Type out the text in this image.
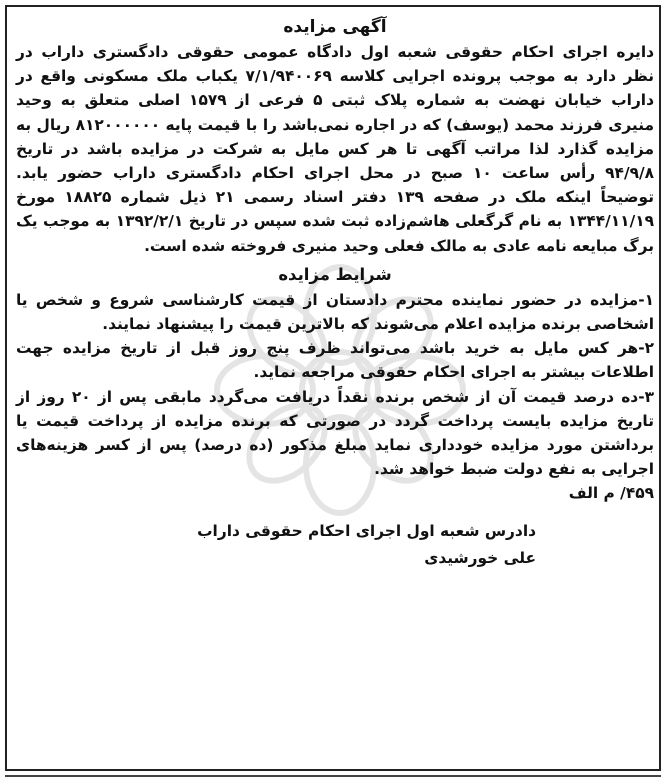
آگهی مزایده

دایره اجرای احکام حقوقی شعبه اول دادگاه عمومی حقوقی دادگستری داراب در نظر دارد به موجب پرونده اجرایی کلاسه ۷/۱/۹۴۰۰۶۹ یکباب ملک مسکونی واقع در داراب خیابان نهضت به شماره پلاک ثبتی ۵ فرعی از ۱۵۷۹ اصلی متعلق به وحید منیری فرزند محمد (یوسف) که در اجاره نمی‌باشد را با قیمت پایه ۸۱۲۰۰۰۰۰۰ ریال به مزایده گذارد لذا مراتب آگهی تا هر کس مایل به شرکت در مزایده باشد در تاریخ ۹۴/۹/۸ رأس ساعت ۱۰ صبح در محل اجرای احکام دادگستری داراب حضور یابد. توضیحاً اینکه ملک در صفحه ۱۳۹ دفتر اسناد رسمی ۲۱ ذیل شماره ۱۸۸۲۵ مورخ ۱۳۴۴/۱۱/۱۹ به نام گرگعلی هاشم‌زاده ثبت شده سپس در تاریخ ۱۳۹۲/۲/۱ به موجب یک برگ مبایعه نامه عادی به مالک فعلی وحید منیری فروخته شده است.

شرایط مزایده

۱-مزایده در حضور نماینده محترم دادستان از قیمت کارشناسی شروع و شخص یا اشخاصی برنده مزایده اعلام می‌شوند که بالاترین قیمت را پیشنهاد نمایند.

۲-هر کس مایل به خرید باشد می‌تواند ظرف پنج روز قبل از تاریخ مزایده جهت اطلاعات بیشتر به اجرای احکام حقوقی مراجعه نماید.

۳-ده درصد قیمت آن از شخص برنده نقداً دریافت می‌گردد مابقی پس از ۲۰ روز از تاریخ مزایده بایست پرداخت گردد در صورتی که برنده مزایده از پرداخت قیمت یا برداشتن مورد مزایده خودداری نماید مبلغ مذکور (ده درصد) پس از کسر هزینه‌های اجرایی به نفع دولت ضبط خواهد شد.

۴۵۹/ م الف

دادرس شعبه اول اجرای احکام حقوقی داراب
علی خورشیدی
